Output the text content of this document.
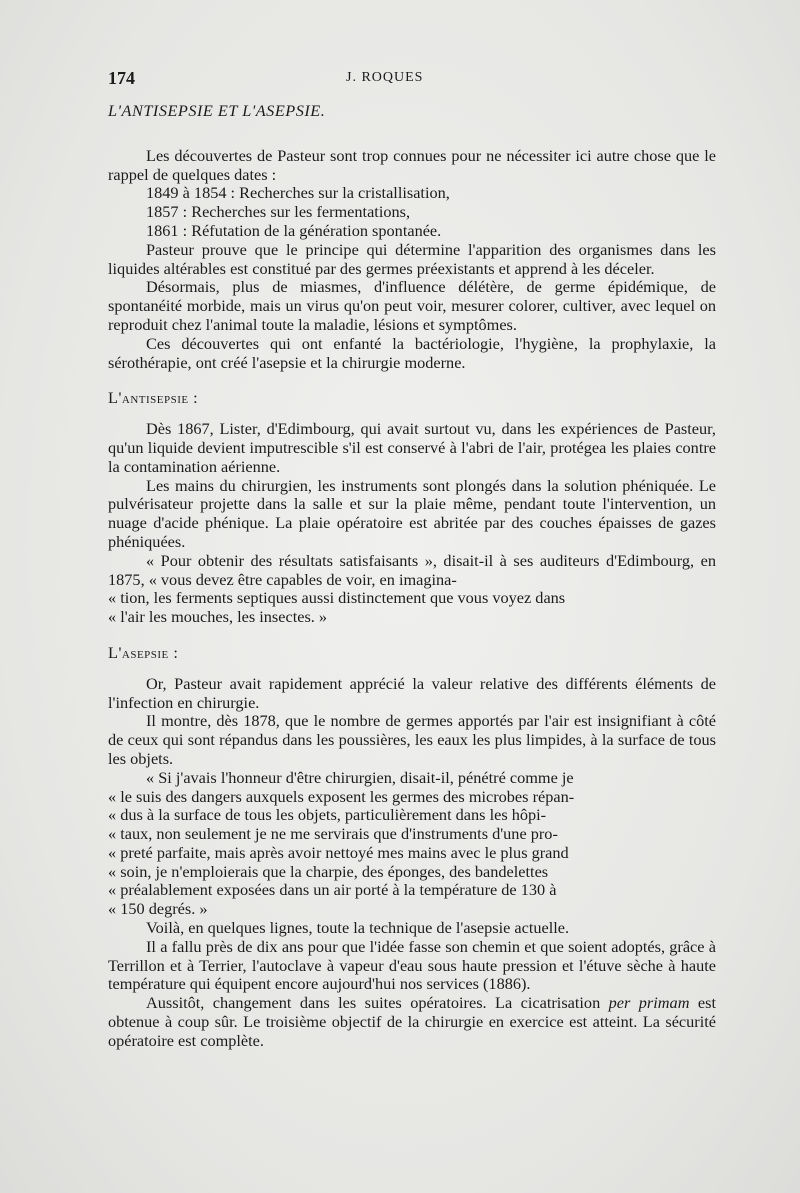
174	J. ROQUES

L'ANTISEPSIE ET L'ASEPSIE.

Les découvertes de Pasteur sont trop connues pour ne nécessiter ici autre chose que le rappel de quelques dates :

1849 à 1854 : Recherches sur la cristallisation,

1857 : Recherches sur les fermentations,

1861 : Réfutation de la génération spontanée.

Pasteur prouve que le principe qui détermine l'apparition des organismes dans les liquides altérables est constitué par des germes préexistants et apprend à les déceler.

Désormais, plus de miasmes, d'influence délétère, de germe épidémique, de spontanéité morbide, mais un virus qu'on peut voir, mesurer colorer, cultiver, avec lequel on reproduit chez l'animal toute la maladie, lésions et symptômes.

Ces découvertes qui ont enfanté la bactériologie, l'hygiène, la prophylaxie, la sérothérapie, ont créé l'asepsie et la chirurgie moderne.

L'antisepsie :

Dès 1867, Lister, d'Edimbourg, qui avait surtout vu, dans les expériences de Pasteur, qu'un liquide devient imputrescible s'il est conservé à l'abri de l'air, protégea les plaies contre la contamination aérienne.

Les mains du chirurgien, les instruments sont plongés dans la solution phéniquée. Le pulvérisateur projette dans la salle et sur la plaie même, pendant toute l'intervention, un nuage d'acide phénique. La plaie opératoire est abritée par des couches épaisses de gazes phéniquées.

« Pour obtenir des résultats satisfaisants », disait-il à ses auditeurs d'Edimbourg, en 1875, « vous devez être capables de voir, en imagina-

« tion, les ferments septiques aussi distinctement que vous voyez dans

« l'air les mouches, les insectes. »

L'asepsie :

Or, Pasteur avait rapidement apprécié la valeur relative des différents éléments de l'infection en chirurgie.

Il montre, dès 1878, que le nombre de germes apportés par l'air est insignifiant à côté de ceux qui sont répandus dans les poussières, les eaux les plus limpides, à la surface de tous les objets.

« Si j'avais l'honneur d'être chirurgien, disait-il, pénétré comme je

« le suis des dangers auxquels exposent les germes des microbes répan-

« dus à la surface de tous les objets, particulièrement dans les hôpi-

« taux, non seulement je ne me servirais que d'instruments d'une pro-

« preté parfaite, mais après avoir nettoyé mes mains avec le plus grand

« soin, je n'emploierais que la charpie, des éponges, des bandelettes

« préalablement exposées dans un air porté à la température de 130 à

« 150 degrés. »

Voilà, en quelques lignes, toute la technique de l'asepsie actuelle.

Il a fallu près de dix ans pour que l'idée fasse son chemin et que soient adoptés, grâce à Terrillon et à Terrier, l'autoclave à vapeur d'eau sous haute pression et l'étuve sèche à haute température qui équipent encore aujourd'hui nos services (1886).

Aussitôt, changement dans les suites opératoires. La cicatrisation per primam est obtenue à coup sûr. Le troisième objectif de la chirurgie en exercice est atteint. La sécurité opératoire est complète.
